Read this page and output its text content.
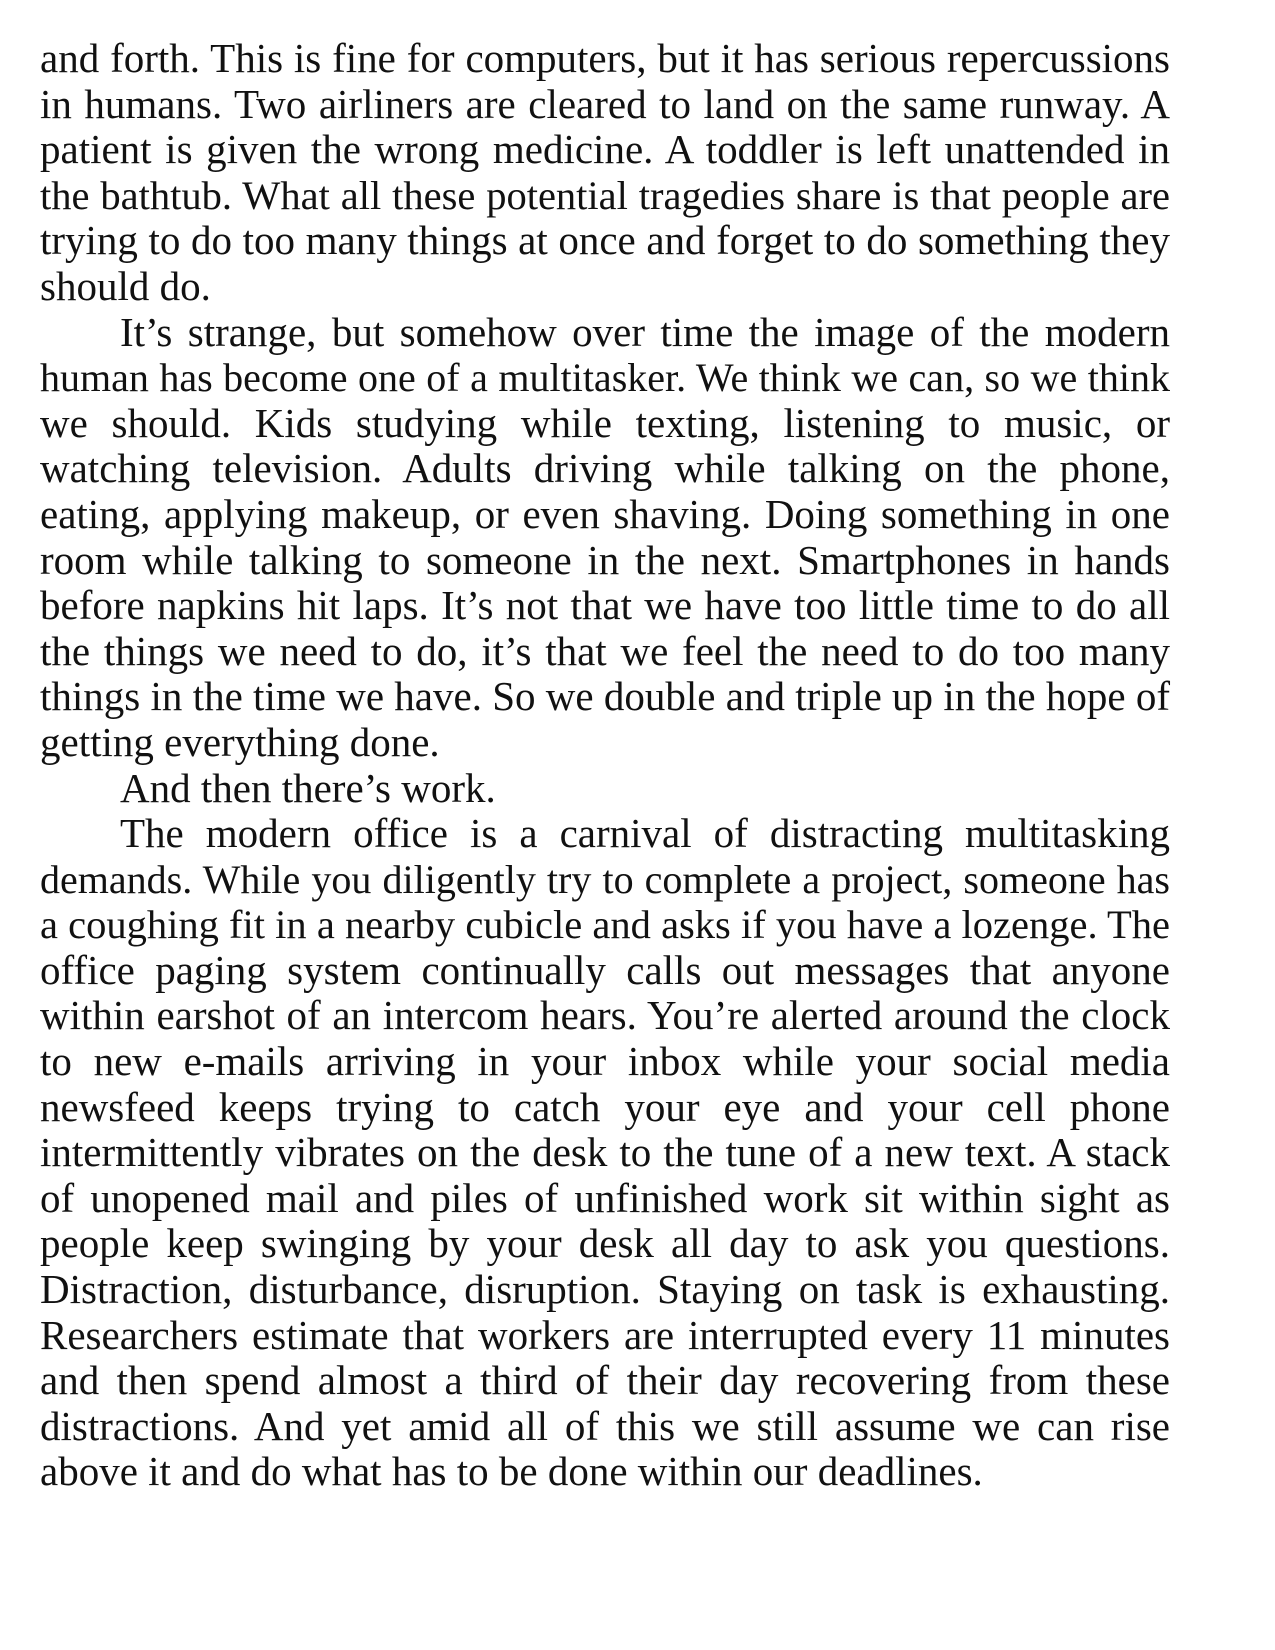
and forth. This is fine for computers, but it has serious repercussions
in humans. Two airliners are cleared to land on the same runway. A
patient is given the wrong medicine. A toddler is left unattended in
the bathtub. What all these potential tragedies share is that people are
trying to do too many things at once and forget to do something they
should do.

It’s strange, but somehow over time the image of the modern
human has become one of a multitasker. We think we can, so we think
we should. Kids studying while texting, listening to music, or
watching television. Adults driving while talking on the phone,
eating, applying makeup, or even shaving. Doing something in one
room while talking to someone in the next. Smartphones in hands
before napkins hit laps. It’s not that we have too little time to do all
the things we need to do, it’s that we feel the need to do too many
things in the time we have. So we double and triple up in the hope of
getting everything done.

And then there’s work.

The modern office is a carnival of distracting multitasking
demands. While you diligently try to complete a project, someone has
a coughing fit in a nearby cubicle and asks if you have a lozenge. The
office paging system continually calls out messages that anyone
within earshot of an intercom hears. You’re alerted around the clock
to new e-mails arriving in your inbox while your social media
newsfeed keeps trying to catch your eye and your cell phone
intermittently vibrates on the desk to the tune of a new text. A stack
of unopened mail and piles of unfinished work sit within sight as
people keep swinging by your desk all day to ask you questions.
Distraction, disturbance, disruption. Staying on task is exhausting.
Researchers estimate that workers are interrupted every 11 minutes
and then spend almost a third of their day recovering from these
distractions. And yet amid all of this we still assume we can rise
above it and do what has to be done within our deadlines.
